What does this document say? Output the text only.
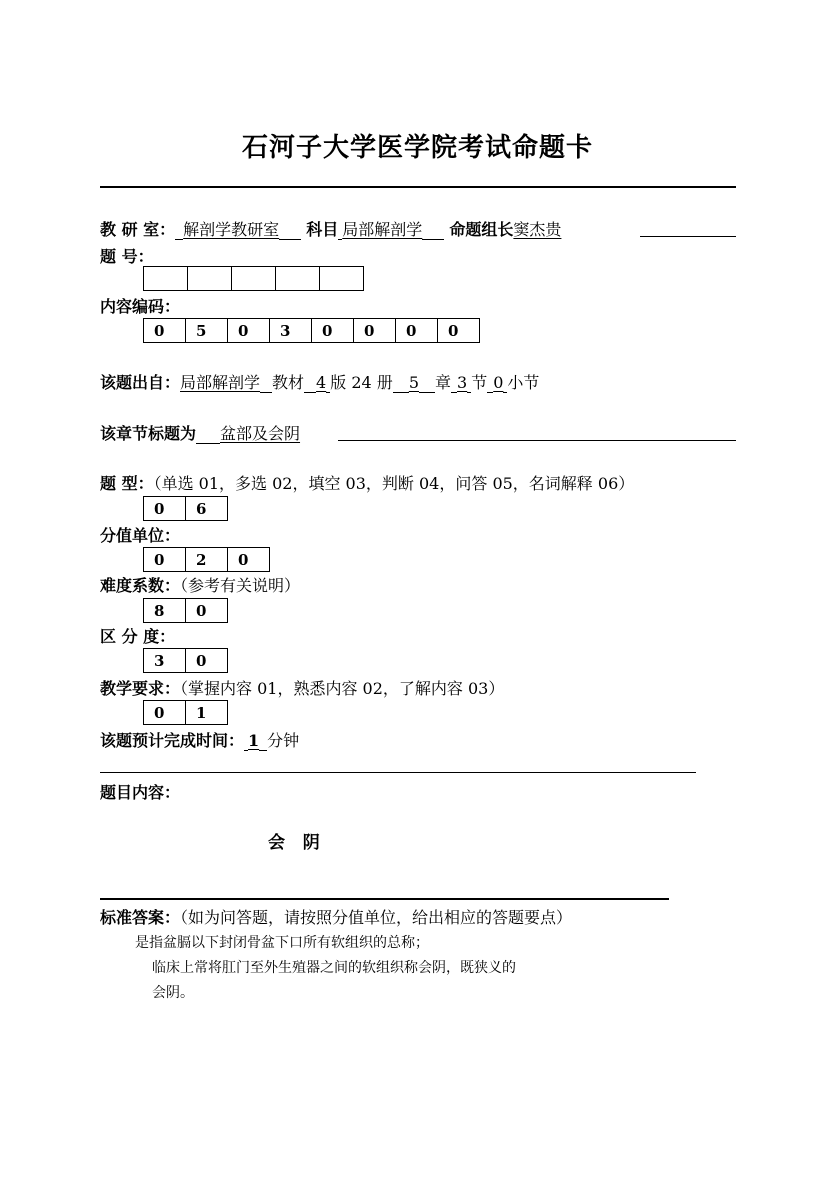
石河子大学医学院考试命题卡
教 研 室： 解剖学教研室 科目 局部解剖学 命题组长窦杰贵
题 号：

内容编码：
0	5	0	3	0	0	0	0
该题出自：局部解剖学 教材 4 版 24 册 5 章 3 节 0 小节
该章节标题为 盆部及会阴
题 型：（单选 01，多选 02，填空 03，判断 04，问答 05，名词解释 06）
0	6
分值单位：
0	2	0
难度系数：（参考有关说明）
8	0
区 分 度：
3	0
教学要求：（掌握内容 01，熟悉内容 02，了解内容 03）
0	1
该题预计完成时间： 1 分钟
题目内容：
会   阴
标准答案：（如为问答题，请按照分值单位，给出相应的答题要点）
是指盆膈以下封闭骨盆下口所有软组织的总称；
临床上常将肛门至外生殖器之间的软组织称会阴，既狭义的
会阴。
